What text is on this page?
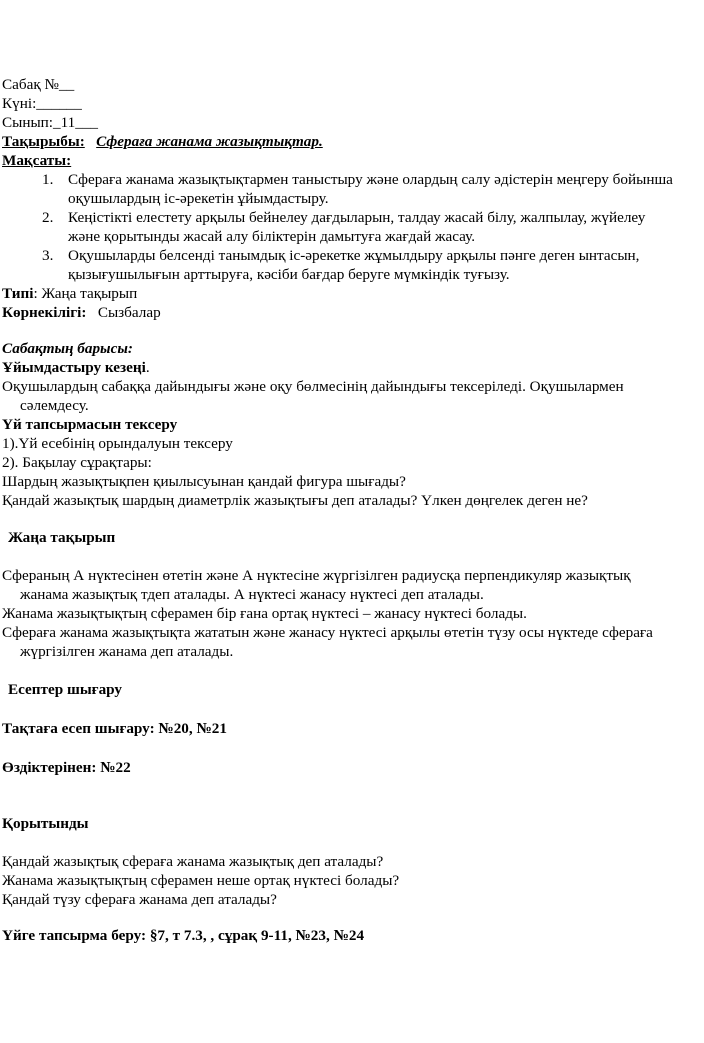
Сабақ №__
Күні:______
Сынып:_11___
Тақырыбы: Сфераға жанама жазықтықтар.
Мақсаты:
1. Сфераға жанама жазықтықтармен таныстыру және олардың салу әдістерін меңгеру бойынша
оқушылардың іс-әрекетін ұйымдастыру.
2. Кеңістікті елестету арқылы бейнелеу дағдыларын, талдау жасай білу, жалпылау, жүйелеу
және қорытынды жасай алу біліктерін дамытуға жағдай жасау.
3. Оқушыларды белсенді танымдық іс-әрекетке жұмылдыру арқылы пәнге деген ынтасын,
қызығушылығын арттыруға, кәсіби бағдар беруге мүмкіндік туғызу.
Типі: Жаңа тақырып
Көрнекілігі: Сызбалар
Сабақтың барысы:
Ұйымдастыру кезеңі.
Оқушылардың сабаққа дайындығы және оқу бөлмесінің дайындығы тексеріледі. Оқушылармен
сәлемдесу.
Үй тапсырмасын тексеру
1).Үй есебінің орындалуын тексеру
2). Бақылау сұрақтары:
Шардың жазықтықпен қиылысуынан қандай фигура шығады?
Қандай жазықтық шардың диаметрлік жазықтығы деп аталады? Үлкен дөңгелек деген не?
Жаңа тақырып
Сфераның А нүктесінен өтетін және А нүктесіне жүргізілген радиусқа перпендикуляр жазықтық
жанама жазықтық тдеп аталады. А нүктесі жанасу нүктесі деп аталады.
Жанама жазықтықтың сферамен бір ғана ортақ нүктесі – жанасу нүктесі болады.
Сфераға жанама жазықтықта жататын және жанасу нүктесі арқылы өтетін түзу осы нүктеде сфераға
жүргізілген жанама деп аталады.
Есептер шығару
Тақтаға есеп шығару: №20, №21
Өздіктерінен: №22
Қорытынды
Қандай жазықтық сфераға жанама жазықтық деп аталады?
Жанама жазықтықтың сферамен неше ортақ нүктесі болады?
Қандай түзу сфераға жанама деп аталады?
Үйге тапсырма беру: §7, т 7.3, , сұрақ 9-11, №23, №24
